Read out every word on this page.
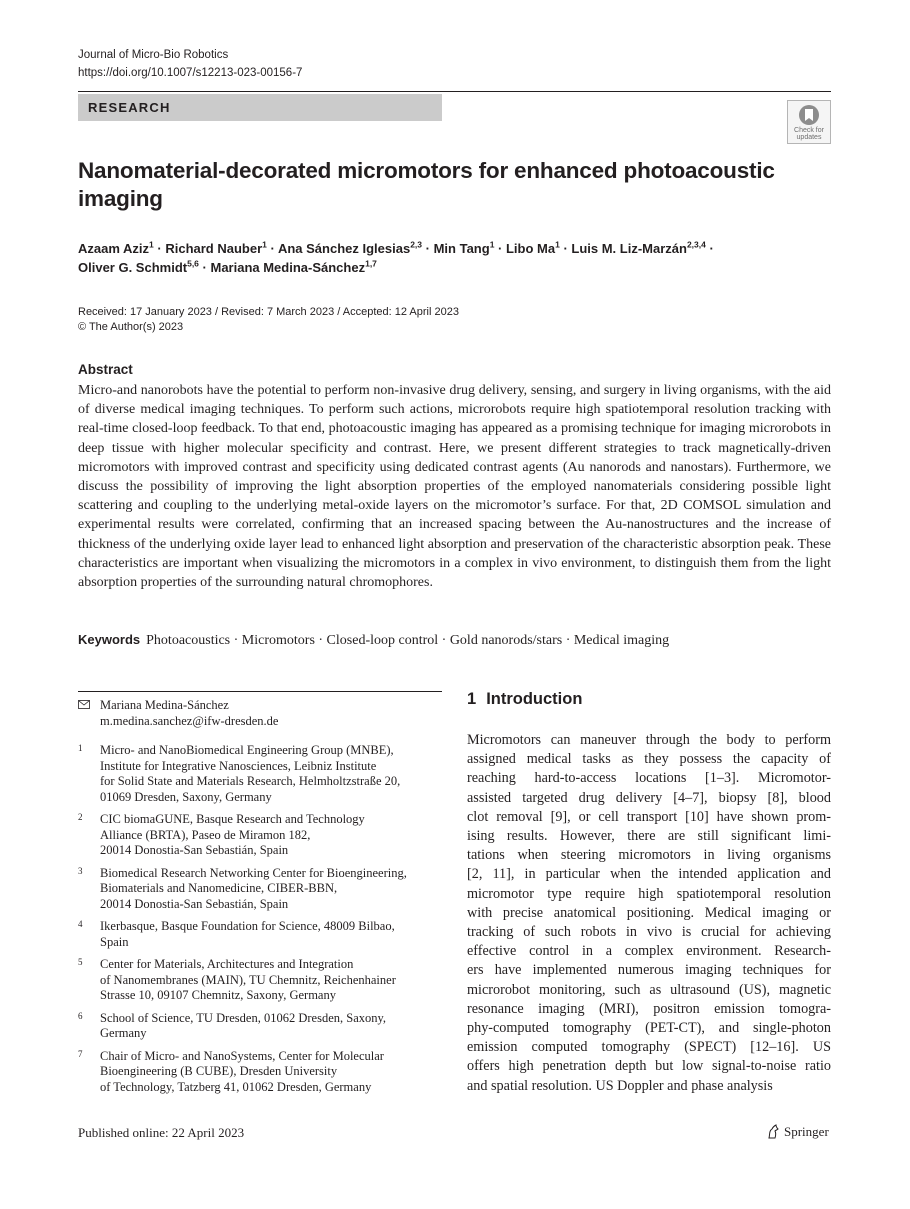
Journal of Micro-Bio Robotics
https://doi.org/10.1007/s12213-023-00156-7
RESEARCH
Check for updates
Nanomaterial-decorated micromotors for enhanced photoacoustic imaging
Azaam Aziz$^1$ · Richard Nauber$^1$ · Ana Sánchez Iglesias$^{2,3}$ · Min Tang$^1$ · Libo $Ma^1$ · Luis M. Liz-Marzán$^{2,3,4}$ ·
Oliver G. Schmidt$^{5,6}$ · Mariana Medina-Sánchez$^{1,7}$
Received: 17 January 2023 / Revised: 7 March 2023 / Accepted: 12 April 2023
© The Author(s) 2023
Abstract
Micro-and nanorobots have the potential to perform non-invasive drug delivery, sensing, and surgery in living organisms, with the aid of diverse medical imaging techniques. To perform such actions, microrobots require high spatiotemporal resolution tracking with real-time closed-loop feedback. To that end, photoacoustic imaging has appeared as a promising technique for imaging microrobots in deep tissue with higher molecular specificity and contrast. Here, we present different strategies to track magnetically-driven micromotors with improved contrast and specificity using dedicated contrast agents (Au nanorods and nanostars). Furthermore, we discuss the possibility of improving the light absorption properties of the employed nanomaterials considering possible light scattering and coupling to the underlying metal-oxide layers on the micromotor’s surface. For that, 2D COMSOL simulation and experimental results were correlated, confirming that an increased spacing between the Au-nanostructures and the increase of thickness of the underlying oxide layer lead to enhanced light absorption and preservation of the characteristic absorption peak. These characteristics are important when visualizing the micromotors in a complex in vivo environment, to distinguish them from the light absorption properties of the surrounding natural chromophores.
Keywords Photoacoustics · Micromotors · Closed-loop control · Gold nanorods/stars · Medical imaging
Mariana Medina-Sánchez
m.medina.sanchez@ifw-dresden.de
1 Micro- and NanoBiomedical Engineering Group (MNBE),
Institute for Integrative Nanosciences, Leibniz Institute
for Solid State and Materials Research, Helmholtzstraße 20,
01069 Dresden, Saxony, Germany
2 CIC biomaGUNE, Basque Research and Technology
Alliance (BRTA), Paseo de Miramon 182,
20014 Donostia-San Sebastián, Spain
3 Biomedical Research Networking Center for Bioengineering,
Biomaterials and Nanomedicine, CIBER-BBN,
20014 Donostia-San Sebastián, Spain
4 Ikerbasque, Basque Foundation for Science, 48009 Bilbao,
Spain
5 Center for Materials, Architectures and Integration
of Nanomembranes (MAIN), TU Chemnitz, Reichenhainer
Strasse 10, 09107 Chemnitz, Saxony, Germany
6 School of Science, TU Dresden, 01062 Dresden, Saxony,
Germany
7 Chair of Micro- and NanoSystems, Center for Molecular
Bioengineering (B CUBE), Dresden University
of Technology, Tatzberg 41, 01062 Dresden, Germany
1 Introduction
Micromotors can maneuver through the body to perform
assigned medical tasks as they possess the capacity of
reaching hard-to-access locations [1–3]. Micromotor-
assisted targeted drug delivery [4–7], biopsy [8], blood
clot removal [9], or cell transport [10] have shown prom-
ising results. However, there are still significant limi-
tations when steering micromotors in living organisms
[2, 11], in particular when the intended application and
micromotor type require high spatiotemporal resolution
with precise anatomical positioning. Medical imaging or
tracking of such robots in vivo is crucial for achieving
effective control in a complex environment. Research-
ers have implemented numerous imaging techniques for
microrobot monitoring, such as ultrasound (US), magnetic
resonance imaging (MRI), positron emission tomogra-
phy-computed tomography (PET-CT), and single-photon
emission computed tomography (SPECT) [12–16]. US
offers high penetration depth but low signal-to-noise ratio
and spatial resolution. US Doppler and phase analysis
Published online: 22 April 2023	Springer
